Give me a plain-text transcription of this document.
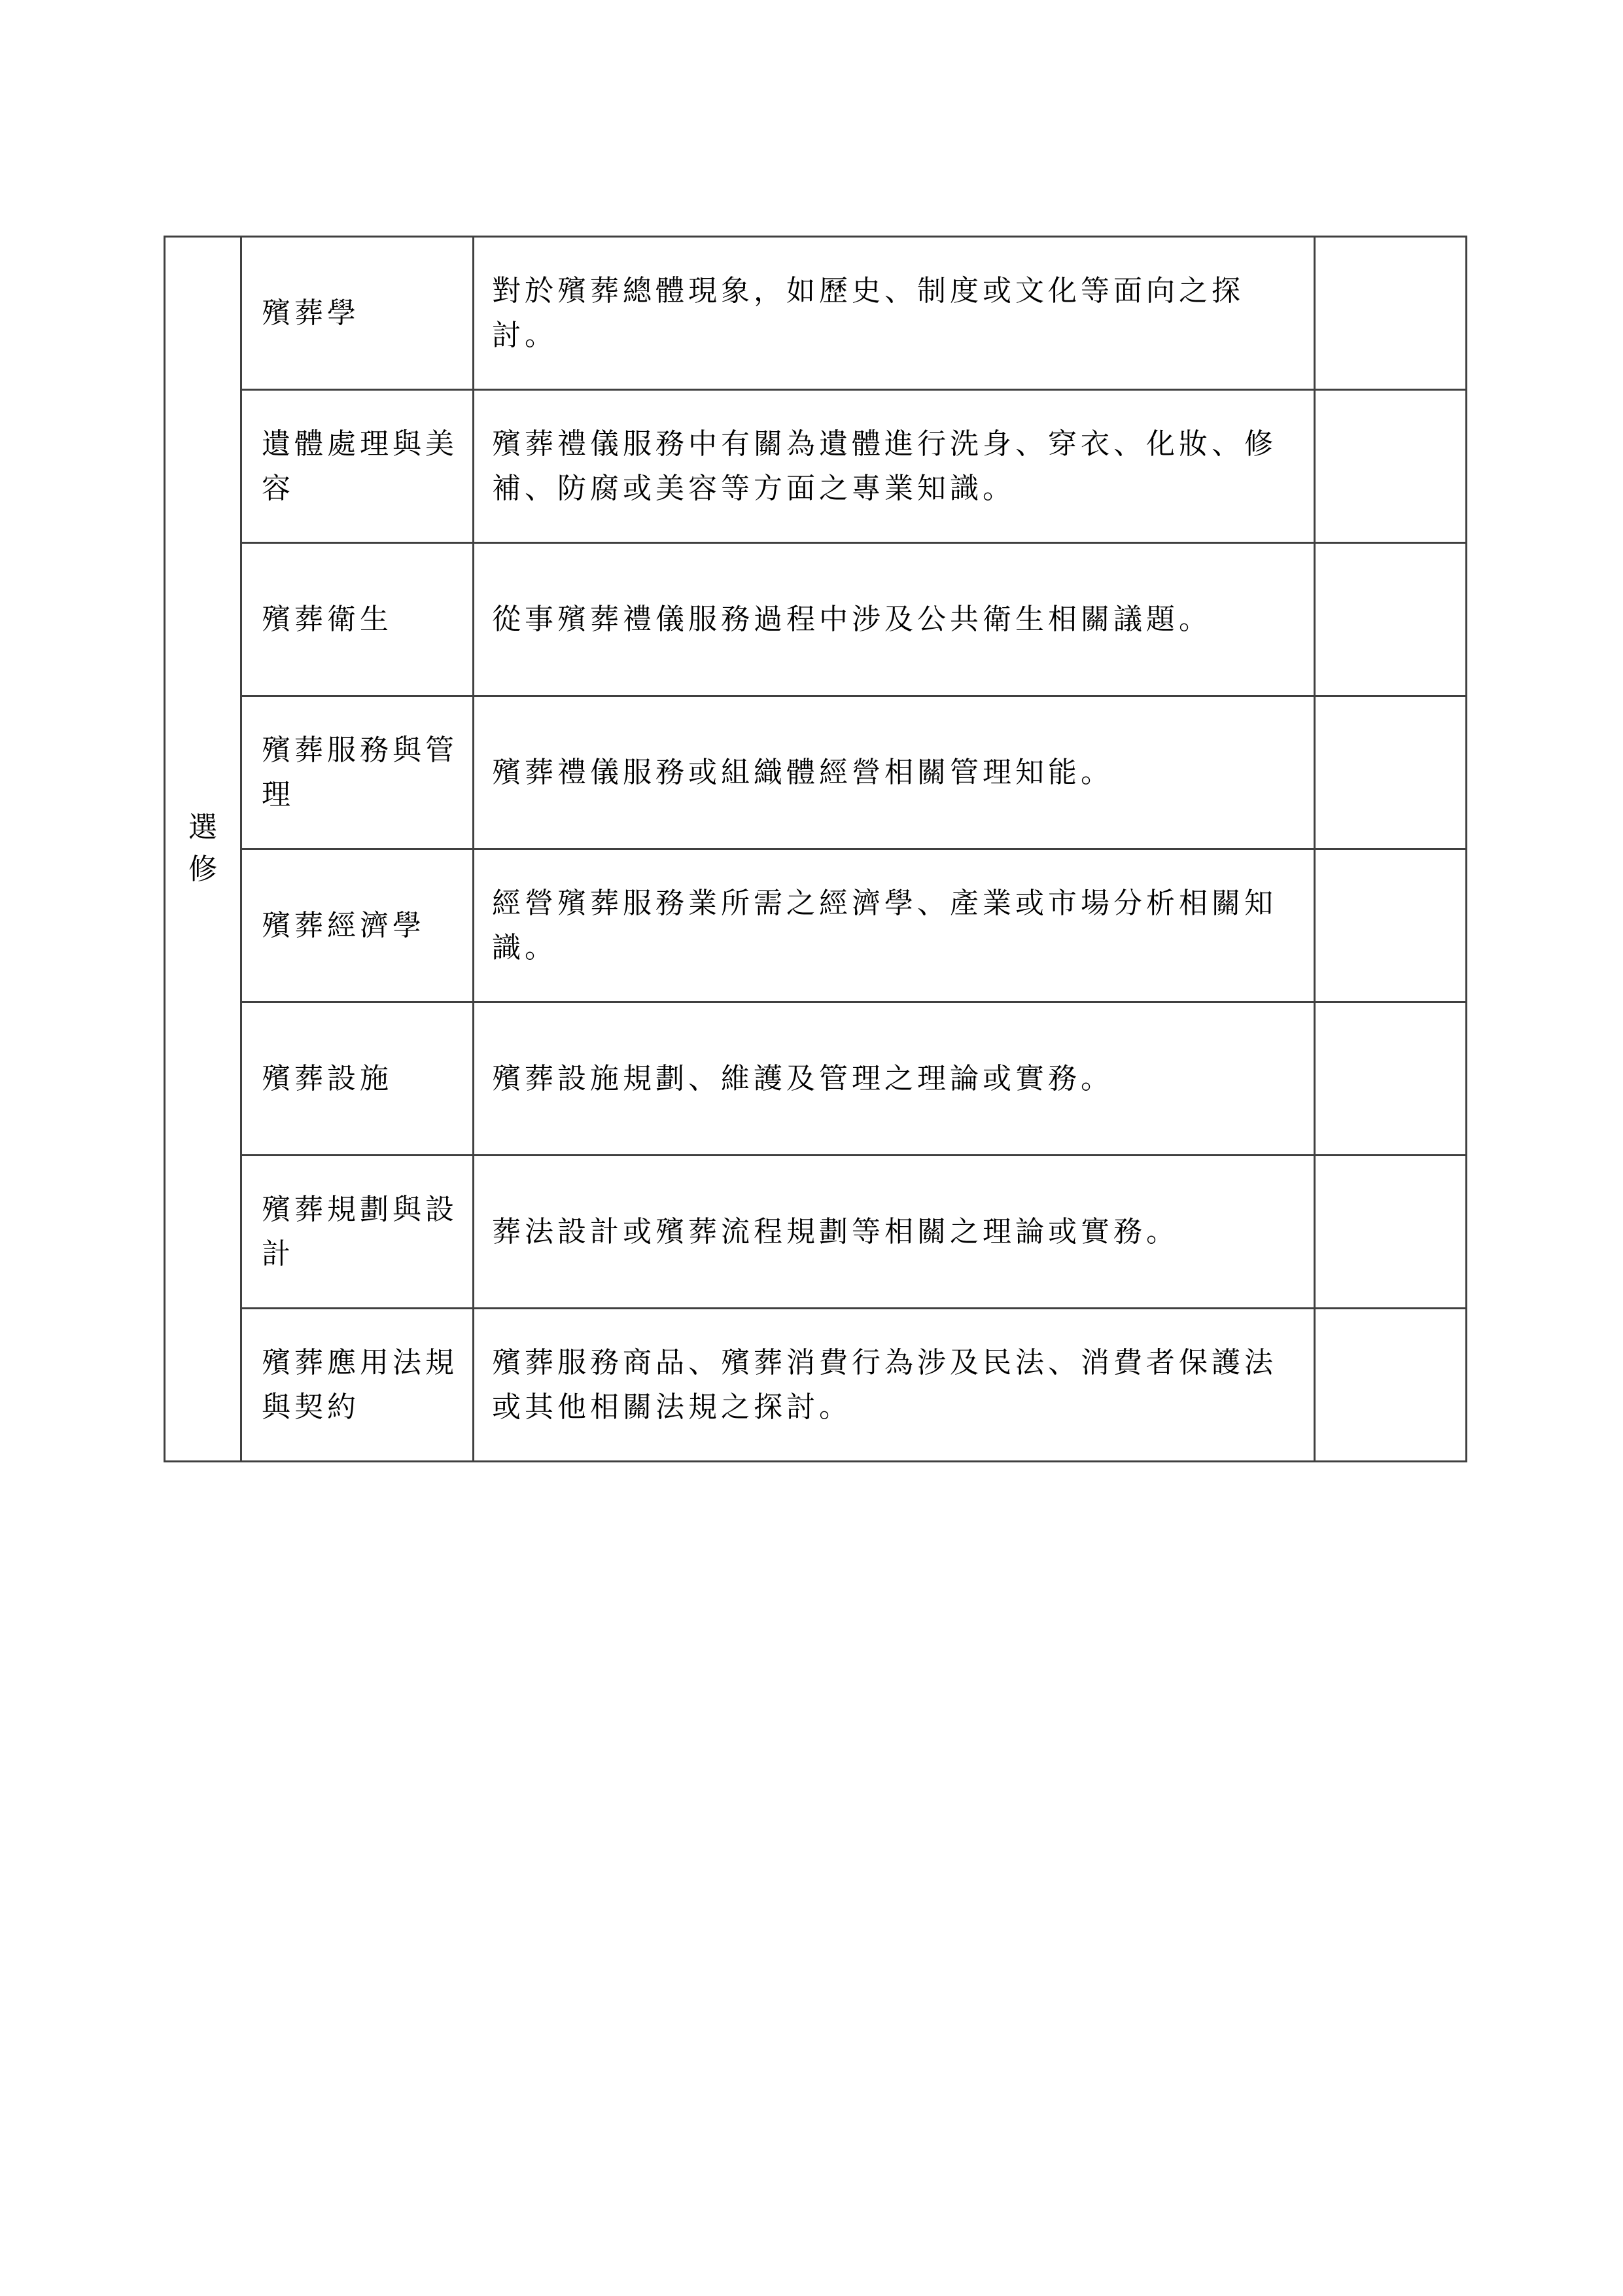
選修	殯葬學	對於殯葬總體現象，如歷史、制度或文化等面向之探討。	
	遺體處理與美容	殯葬禮儀服務中有關為遺體進行洗身、穿衣、化妝、修補、防腐或美容等方面之專業知識。	
	殯葬衛生	從事殯葬禮儀服務過程中涉及公共衛生相關議題。	
	殯葬服務與管理	殯葬禮儀服務或組織體經營相關管理知能。	
	殯葬經濟學	經營殯葬服務業所需之經濟學、產業或市場分析相關知識。	
	殯葬設施	殯葬設施規劃、維護及管理之理論或實務。	
	殯葬規劃與設計	葬法設計或殯葬流程規劃等相關之理論或實務。	
	殯葬應用法規與契約	殯葬服務商品、殯葬消費行為涉及民法、消費者保護法或其他相關法規之探討。	
